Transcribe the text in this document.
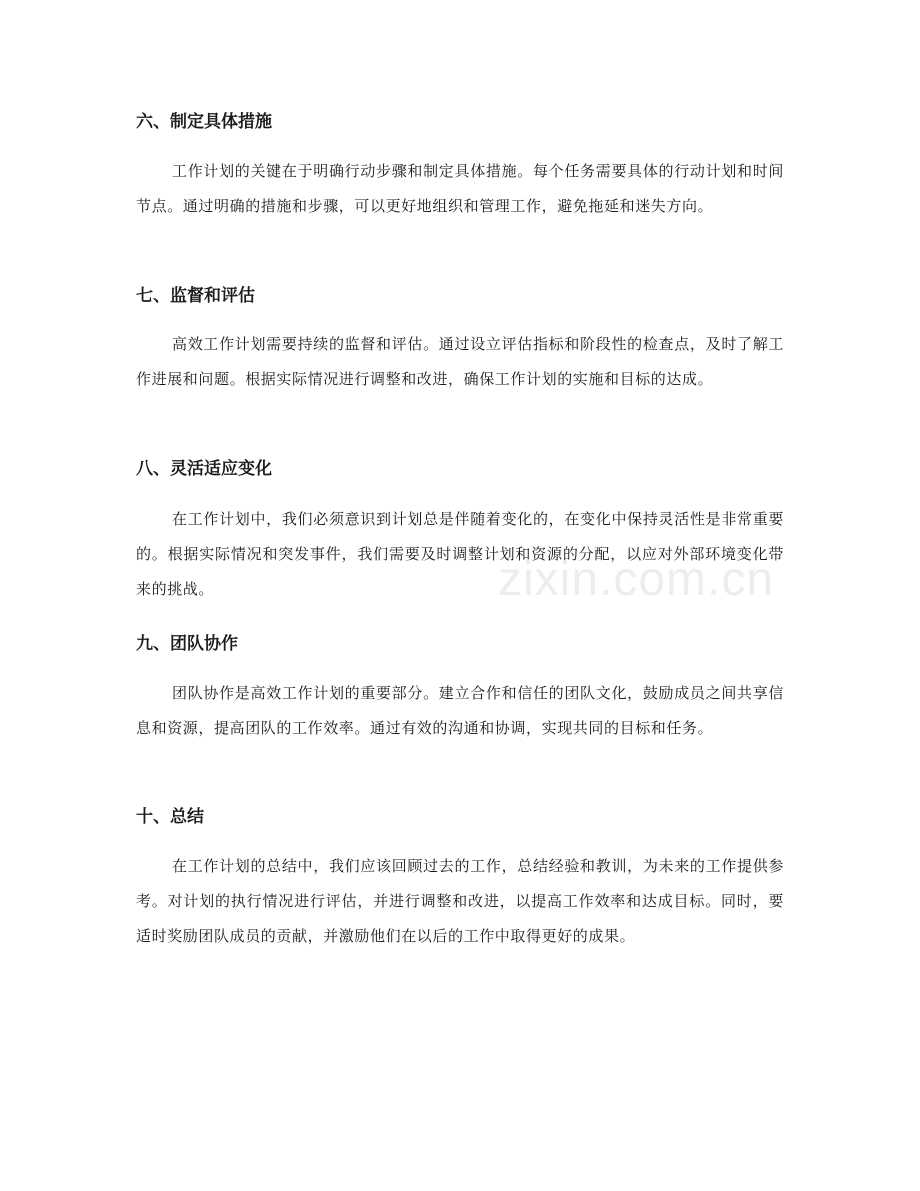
六、制定具体措施

工作计划的关键在于明确行动步骤和制定具体措施。每个任务需要具体的行动计划和时间节点。通过明确的措施和步骤，可以更好地组织和管理工作，避免拖延和迷失方向。

七、监督和评估

高效工作计划需要持续的监督和评估。通过设立评估指标和阶段性的检查点，及时了解工作进展和问题。根据实际情况进行调整和改进，确保工作计划的实施和目标的达成。

八、灵活适应变化

在工作计划中，我们必须意识到计划总是伴随着变化的，在变化中保持灵活性是非常重要的。根据实际情况和突发事件，我们需要及时调整计划和资源的分配，以应对外部环境变化带来的挑战。

九、团队协作

团队协作是高效工作计划的重要部分。建立合作和信任的团队文化，鼓励成员之间共享信息和资源，提高团队的工作效率。通过有效的沟通和协调，实现共同的目标和任务。

十、总结

在工作计划的总结中，我们应该回顾过去的工作，总结经验和教训，为未来的工作提供参考。对计划的执行情况进行评估，并进行调整和改进，以提高工作效率和达成目标。同时，要适时奖励团队成员的贡献，并激励他们在以后的工作中取得更好的成果。

zixin.com.cn
